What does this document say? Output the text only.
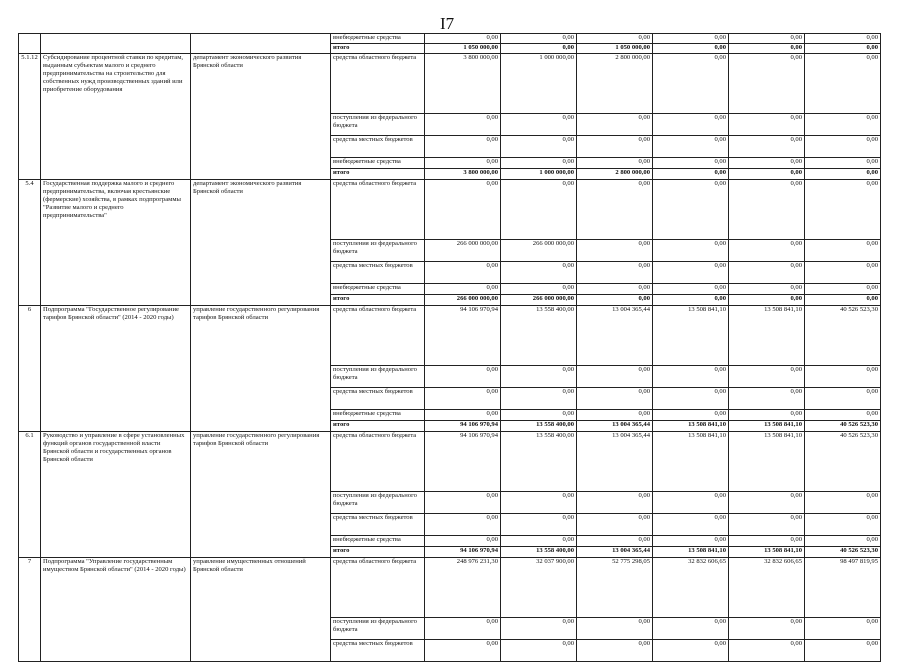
I7
			внебюджетные средства	0,00	0,00	0,00	0,00	0,00	0,00
			итого	1 050 000,00	0,00	1 050 000,00	0,00	0,00	0,00
5.1.12	Субсидирование процентной ставки по кредитам, выданным субъектам малого и среднего предпринимательства на строительство для собственных нужд производственных зданий или приобретение оборудования	департамент экономического развития Брянской области	средства областного бюджета	3 800 000,00	1 000 000,00	2 800 000,00	0,00	0,00	0,00
			поступления из федерального бюджета	0,00	0,00	0,00	0,00	0,00	0,00
			средства местных бюджетов	0,00	0,00	0,00	0,00	0,00	0,00
			внебюджетные средства	0,00	0,00	0,00	0,00	0,00	0,00
			итого	3 800 000,00	1 000 000,00	2 800 000,00	0,00	0,00	0,00
5.4	Государственная поддержка малого и среднего предпринимательства, включая крестьянские (фермерские) хозяйства, в рамках подпрограммы "Развитие малого и среднего предпринимательства"	департамент экономического развития Брянской области	средства областного бюджета	0,00	0,00	0,00	0,00	0,00	0,00
			поступления из федерального бюджета	266 000 000,00	266 000 000,00	0,00	0,00	0,00	0,00
			средства местных бюджетов	0,00	0,00	0,00	0,00	0,00	0,00
			внебюджетные средства	0,00	0,00	0,00	0,00	0,00	0,00
			итого	266 000 000,00	266 000 000,00	0,00	0,00	0,00	0,00
6	Подпрограмма "Государственное регулирование тарифов Брянской области" (2014 - 2020 годы)	управление государственного регулирования тарифов Брянской области	средства областного бюджета	94 106 970,94	13 558 400,00	13 004 365,44	13 508 841,10	13 508 841,10	40 526 523,30
			поступления из федерального бюджета	0,00	0,00	0,00	0,00	0,00	0,00
			средства местных бюджетов	0,00	0,00	0,00	0,00	0,00	0,00
			внебюджетные средства	0,00	0,00	0,00	0,00	0,00	0,00
			итого	94 106 970,94	13 558 400,00	13 004 365,44	13 508 841,10	13 508 841,10	40 526 523,30
6.1	Руководство и управление в сфере установленных функций органов государственной власти Брянской области и государственных органов Брянской области	управление государственного регулирования тарифов Брянской области	средства областного бюджета	94 106 970,94	13 558 400,00	13 004 365,44	13 508 841,10	13 508 841,10	40 526 523,30
			поступления из федерального бюджета	0,00	0,00	0,00	0,00	0,00	0,00
			средства местных бюджетов	0,00	0,00	0,00	0,00	0,00	0,00
			внебюджетные средства	0,00	0,00	0,00	0,00	0,00	0,00
			итого	94 106 970,94	13 558 400,00	13 004 365,44	13 508 841,10	13 508 841,10	40 526 523,30
7	Подпрограмма "Управление государственным имуществом Брянской области" (2014 - 2020 годы)	управление имущественных отношений Брянской области	средства областного бюджета	248 976 231,30	32 037 900,00	52 775 298,05	32 832 606,65	32 832 606,65	98 497 819,95
			поступления из федерального бюджета	0,00	0,00	0,00	0,00	0,00	0,00
			средства местных бюджетов	0,00	0,00	0,00	0,00	0,00	0,00
